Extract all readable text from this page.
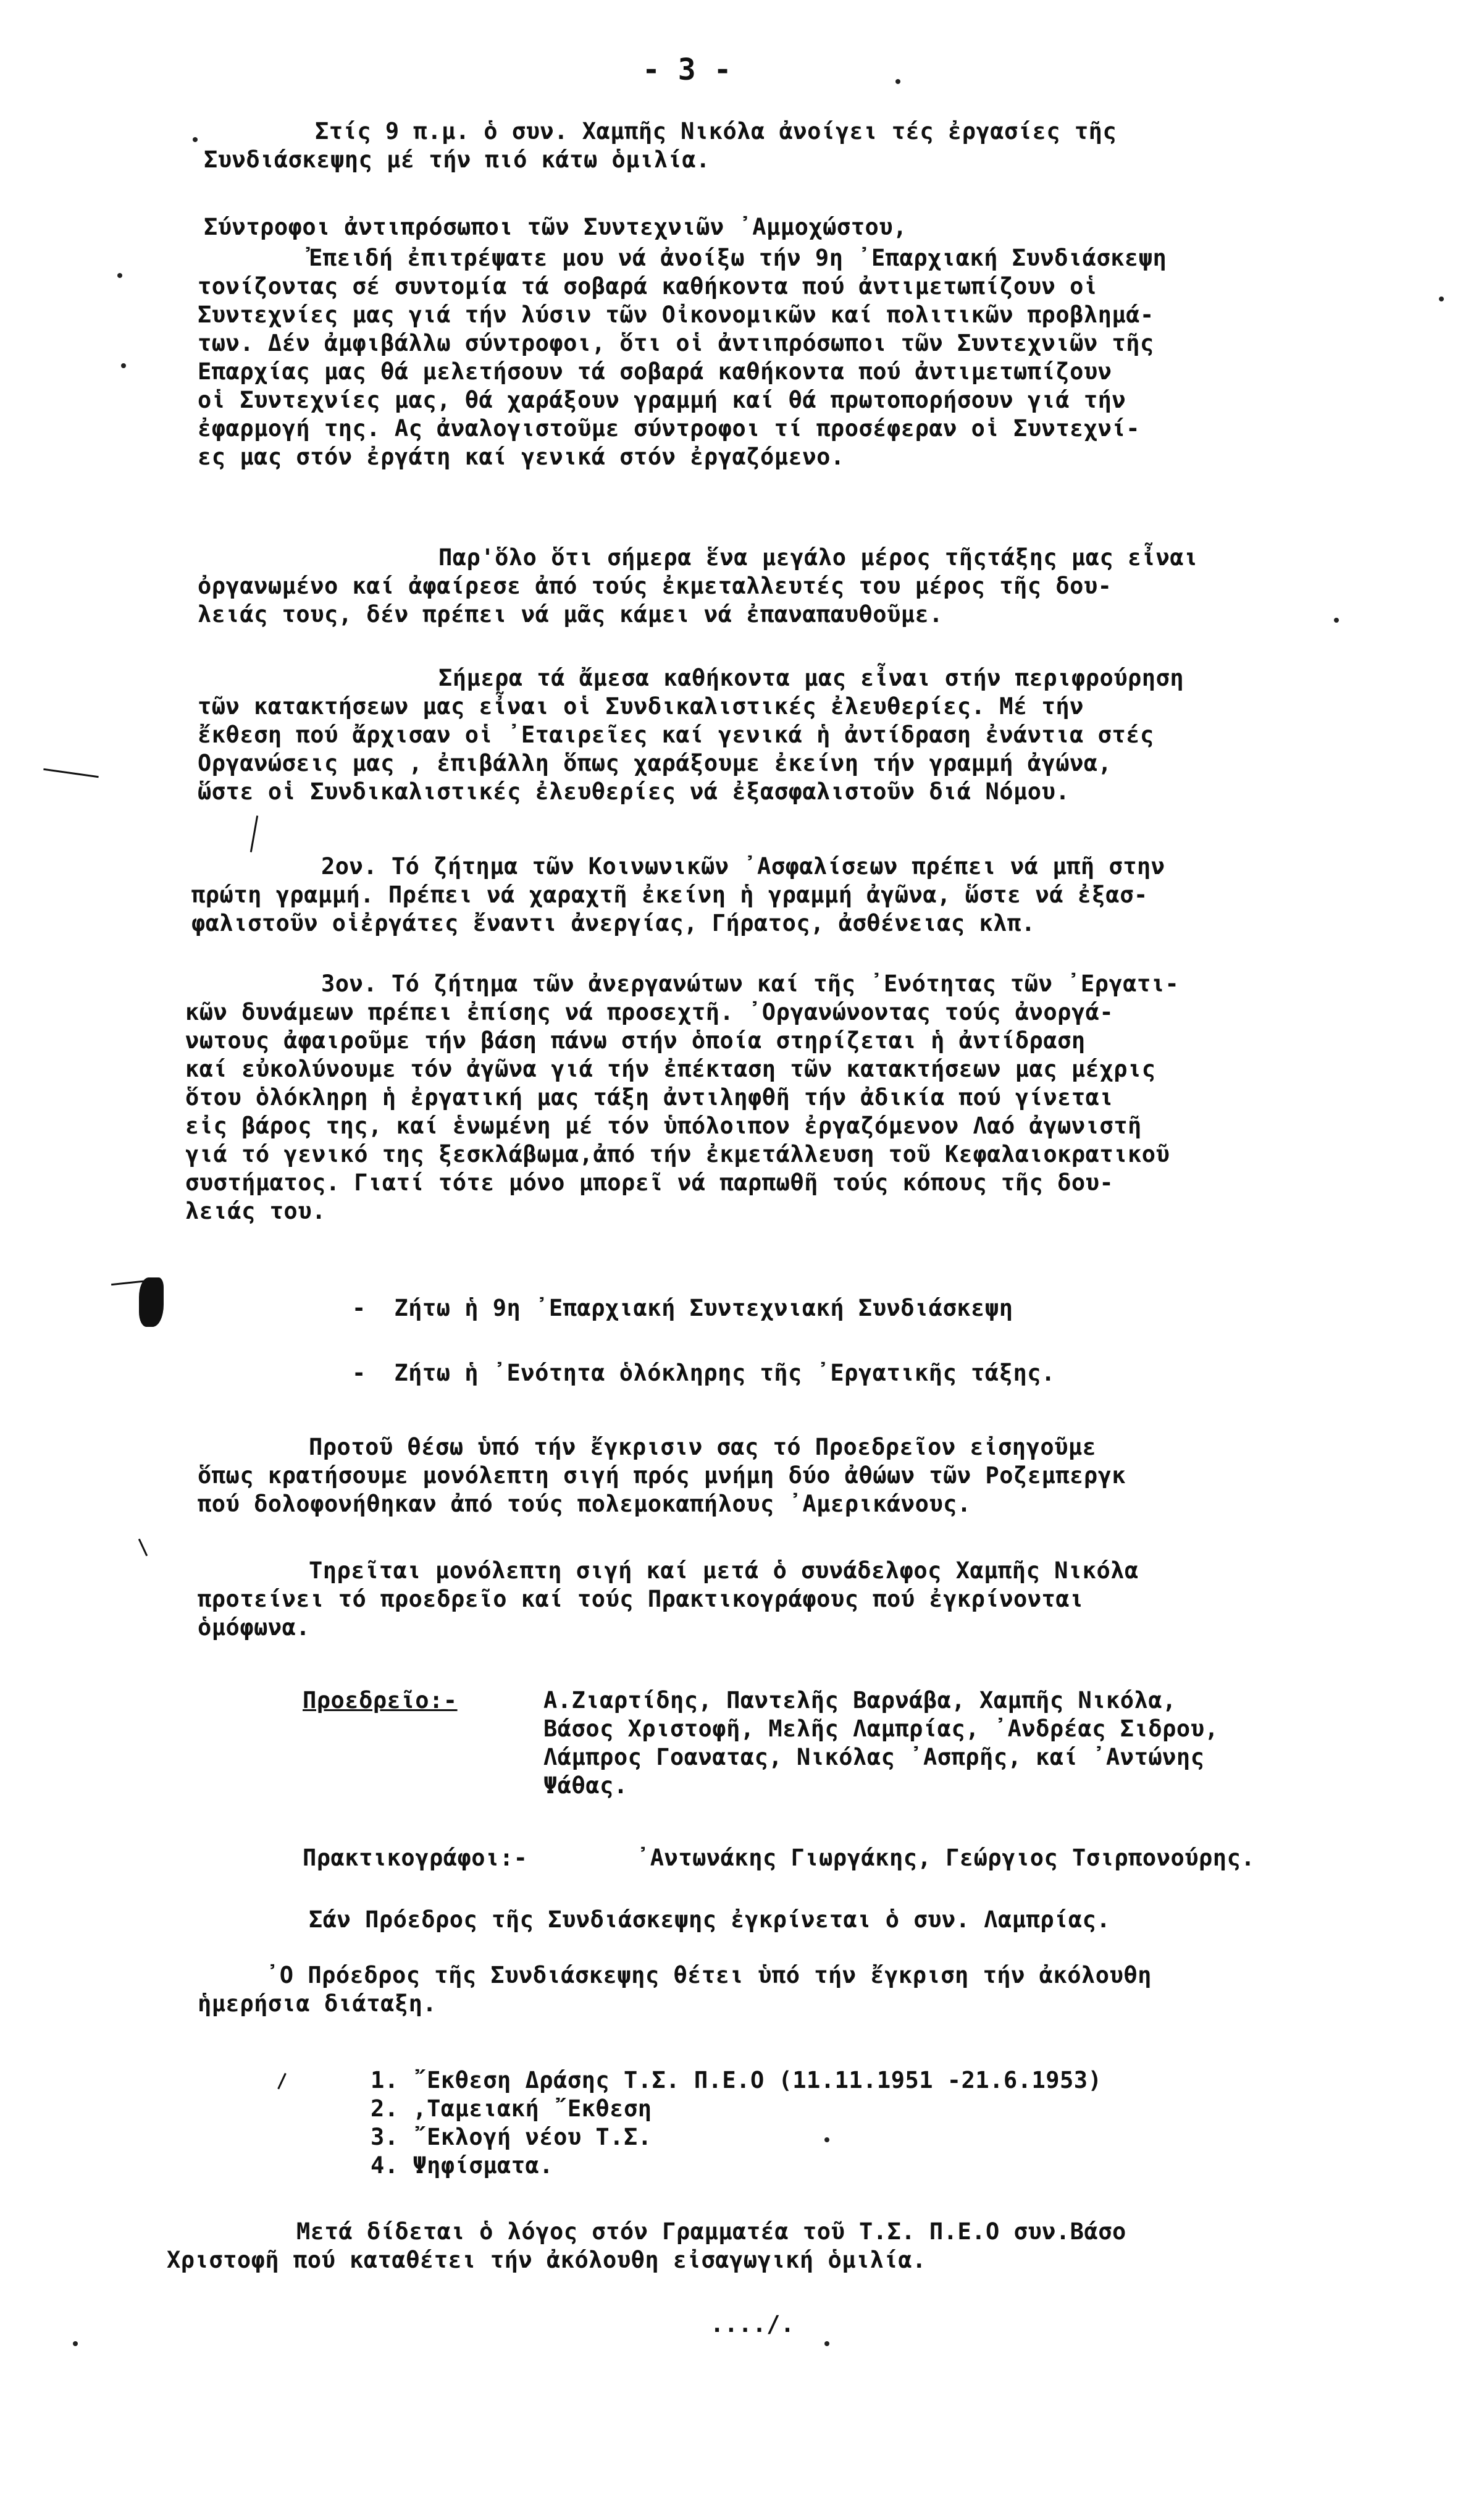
- 3 -
Στίς 9 π.μ. ὁ συν. Χαμπῆς Νικόλα ἀνοίγει τές ἐργασίες τῆς
Συνδιάσκεψης μέ τήν πιό κάτω ὁμιλία.
Σύντροφοι ἀντιπρόσωποι τῶν Συντεχνιῶν ᾿Αμμοχώστου,
Ἐπειδή ἐπιτρέψατε μου νά ἀνοίξω τήν 9η ᾿Επαρχιακή Συνδιάσκεψη
τονίζοντας σέ συντομία τά σοβαρά καθήκοντα πού ἀντιμετωπίζουν οἱ
Συντεχνίες μας γιά τήν λύσιν τῶν Οἰκονομικῶν καί πολιτικῶν προβλημά-
των. Δέν ἀμφιβάλλω σύντροφοι, ὅτι οἱ ἀντιπρόσωποι τῶν Συντεχνιῶν τῆς
Επαρχίας μας θά μελετήσουν τά σοβαρά καθήκοντα πού ἀντιμετωπίζουν
οἱ Συντεχνίες μας, θά χαράξουν γραμμή καί θά πρωτοπορήσουν γιά τήν
ἐφαρμογή της. Ας ἀναλογιστοῦμε σύντροφοι τί προσέφεραν οἱ Συντεχνί-
ες μας στόν ἐργάτη καί γενικά στόν ἐργαζόμενο.
Παρ'ὅλο ὅτι σήμερα ἕνα μεγάλο μέρος τῆςτάξης μας εἶναι
ὀργανωμένο καί ἀφαίρεσε ἀπό τούς ἐκμεταλλευτές του μέρος τῆς δου-
λειάς τους, δέν πρέπει νά μᾶς κάμει νά ἐπαναπαυθοῦμε.
Σήμερα τά ἄμεσα καθήκοντα μας εἶναι στήν περιφρούρηση
τῶν κατακτήσεων μας εἶναι οἱ Συνδικαλιστικές ἐλευθερίες. Μέ τήν
ἔκθεση πού ἄρχισαν οἱ ᾿Εταιρεῖες καί γενικά ἡ ἀντίδραση ἐνάντια στές
Οργανώσεις μας , ἐπιβάλλη ὅπως χαράξουμε ἐκείνη τήν γραμμή ἀγώνα,
ὥστε οἱ Συνδικαλιστικές ἐλευθερίες νά ἐξασφαλιστοῦν διά Νόμου.
2ον. Τό ζήτημα τῶν Κοινωνικῶν ᾿Ασφαλίσεων πρέπει νά μπῆ στην
πρώτη γραμμή. Πρέπει νά χαραχτῆ ἐκείνη ἡ γραμμή ἀγῶνα, ὥστε νά ἐξασ-
φαλιστοῦν οἱἐργάτες ἔναντι ἀνεργίας, Γήρατος, ἀσθένειας κλπ.
3ον. Τό ζήτημα τῶν ἀνεργανώτων καί τῆς ᾿Ενότητας τῶν ᾿Εργατι-
κῶν δυνάμεων πρέπει ἐπίσης νά προσεχτῆ. ᾿Οργανώνοντας τούς ἀνοργά-
νωτους ἀφαιροῦμε τήν βάση πάνω στήν ὁποία στηρίζεται ἡ ἀντίδραση
καί εὐκολύνουμε τόν ἀγῶνα γιά τήν ἐπέκταση τῶν κατακτήσεων μας μέχρις
ὅτου ὁλόκληρη ἡ ἐργατική μας τάξη ἀντιληφθῆ τήν ἀδικία πού γίνεται
εἰς βάρος της, καί ἑνωμένη μέ τόν ὑπόλοιπον ἐργαζόμενον Λαό ἀγωνιστῆ
γιά τό γενικό της ξεσκλάβωμα,ἀπό τήν ἐκμετάλλευση τοῦ Κεφαλαιοκρατικοῦ
συστήματος. Γιατί τότε μόνο μπορεῖ νά παρπωθῆ τούς κόπους τῆς δου-
λειάς του.
-  Ζήτω ἡ 9η ᾿Επαρχιακή Συντεχνιακή Συνδιάσκεψη
-  Ζήτω ἡ ᾿Ενότητα ὁλόκληρης τῆς ᾿Εργατικῆς τάξης.
Προτοῦ θέσω ὑπό τήν ἔγκρισιν σας τό Προεδρεῖον εἰσηγοῦμε
ὅπως κρατήσουμε μονόλεπτη σιγή πρός μνήμη δύο ἀθώων τῶν Ροζεμπεργκ
πού δολοφονήθηκαν ἀπό τούς πολεμοκαπήλους ᾿Αμερικάνους.
Τηρεῖται μονόλεπτη σιγή καί μετά ὁ συνάδελφος Χαμπῆς Νικόλα
προτείνει τό προεδρεῖο καί τούς Πρακτικογράφους πού ἐγκρίνονται
ὁμόφωνα.
Προεδρεῖο:-	Α.Ζιαρτίδης, Παντελῆς Βαρνάβα, Χαμπῆς Νικόλα,
Βάσος Χριστοφῆ, Μελῆς Λαμπρίας, ᾿Ανδρέας Σιδρου,
Λάμπρος Γοανατας, Νικόλας ᾿Ασπρῆς, καί ᾿Αντώνης
Ψάθας.
Πρακτικογράφοι:-	᾿Αντωνάκης Γιωργάκης, Γεώργιος Τσιρπονούρης.
Σάν Πρόεδρος τῆς Συνδιάσκεψης ἐγκρίνεται ὁ συν. Λαμπρίας.
᾿Ο Πρόεδρος τῆς Συνδιάσκεψης θέτει ὑπό τήν ἔγκριση τήν ἀκόλουθη
ἡμερήσια διάταξη.
1. ῎Εκθεση Δράσης Τ.Σ. Π.Ε.Ο (11.11.1951 -21.6.1953)
2. ,Ταμειακή ῎Εκθεση
3. ῎Εκλογή νέου Τ.Σ.
4. Ψηφίσματα.
Μετά δίδεται ὁ λόγος στόν Γραμματέα τοῦ Τ.Σ. Π.Ε.Ο συν.Βάσο
Χριστοφῆ πού καταθέτει τήν ἀκόλουθη εἰσαγωγική ὁμιλία.
..../.
